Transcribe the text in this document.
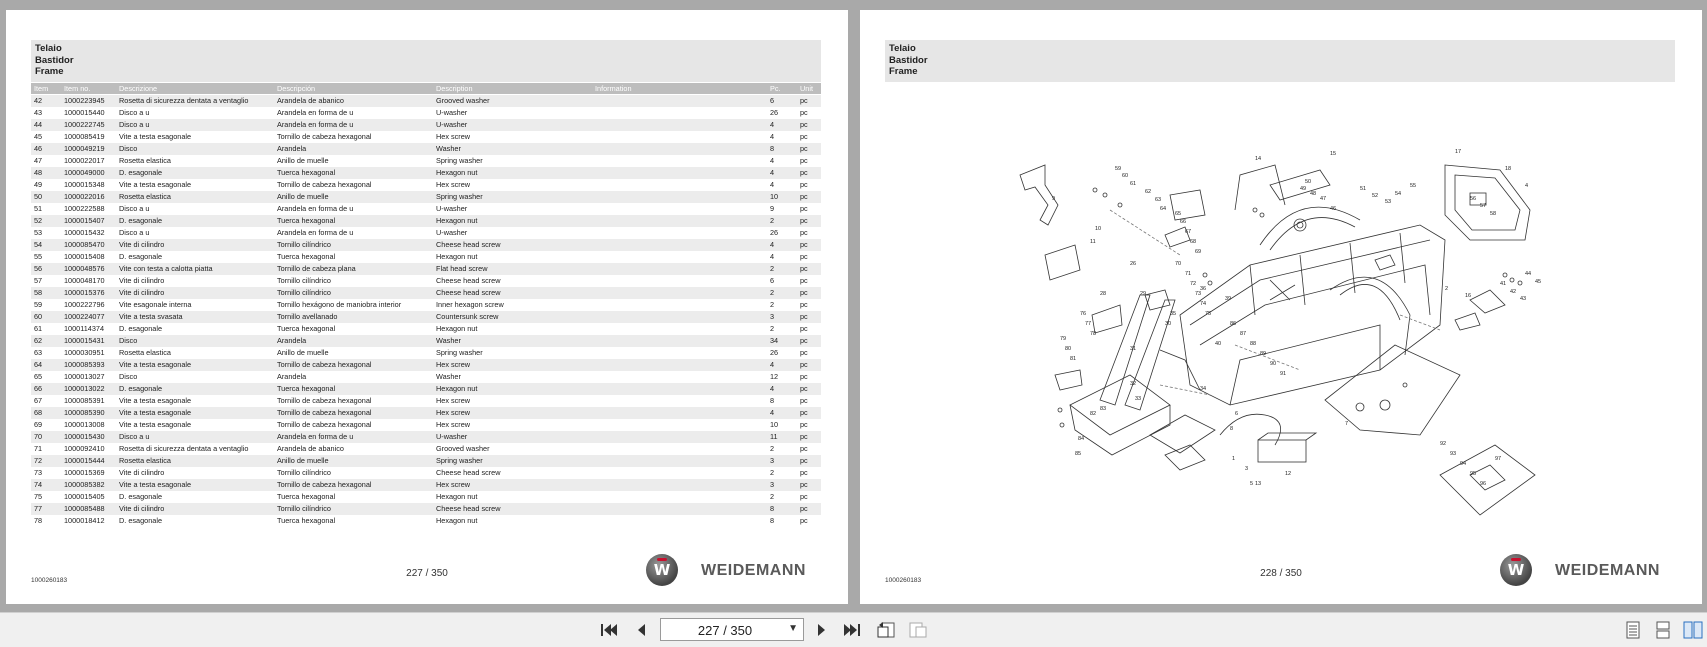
Telaio
Bastidor
Frame
Item Item no.	Descrizione	Descripción	Description	Information	Pc.	Unit
42	1000223945 Rosetta di sicurezza dentata a ventaglio	Arandela de abanico	Grooved washer	6	pc
43	1000015440 Disco a u	Arandela en forma de u	U-washer	26	pc
44	1000222745 Disco a u	Arandela en forma de u	U-washer	4	pc
45	1000085419 Vite a testa esagonale	Tornillo de cabeza hexagonal	Hex screw	4	pc
46	1000049219 Disco	Arandela	Washer	8	pc
47	1000022017 Rosetta elastica	Anillo de muelle	Spring washer	4	pc
48	1000049000 D. esagonale	Tuerca hexagonal	Hexagon nut	4	pc
49	1000015348 Vite a testa esagonale	Tornillo de cabeza hexagonal	Hex screw	4	pc
50	1000022016 Rosetta elastica	Anillo de muelle	Spring washer	10	pc
51	1000222588 Disco a u	Arandela en forma de u	U-washer	9	pc
52	1000015407 D. esagonale	Tuerca hexagonal	Hexagon nut	2	pc
53	1000015432 Disco a u	Arandela en forma de u	U-washer	26	pc
54	1000085470 Vite di cilindro	Tornillo cilíndrico	Cheese head screw	4	pc
55	1000015408 D. esagonale	Tuerca hexagonal	Hexagon nut	4	pc
56	1000048576 Vite con testa a calotta piatta	Tornillo de cabeza plana	Flat head screw	2	pc
57	1000048170 Vite di cilindro	Tornillo cilíndrico	Cheese head screw	6	pc
58	1000015376 Vite di cilindro	Tornillo cilíndrico	Cheese head screw	2	pc
59	1000222796 Vite esagonale interna	Tornillo hexágono de maniobra interior	Inner hexagon screw	2	pc
60	1000224077 Vite a testa svasata	Tornillo avellanado	Countersunk screw	3	pc
61	1000114374 D. esagonale	Tuerca hexagonal	Hexagon nut	2	pc
62	1000015431 Disco	Arandela	Washer	34	pc
63	1000030951 Rosetta elastica	Anillo de muelle	Spring washer	26	pc
64	1000085393 Vite a testa esagonale	Tornillo de cabeza hexagonal	Hex screw	4	pc
65	1000013027 Disco	Arandela	Washer	12	pc
66	1000013022 D. esagonale	Tuerca hexagonal	Hexagon nut	4	pc
67	1000085391 Vite a testa esagonale	Tornillo de cabeza hexagonal	Hex screw	8	pc
68	1000085390 Vite a testa esagonale	Tornillo de cabeza hexagonal	Hex screw	4	pc
69	1000013008 Vite a testa esagonale	Tornillo de cabeza hexagonal	Hex screw	10	pc
70	1000015430 Disco a u	Arandela en forma de u	U-washer	11	pc
71	1000092410 Rosetta di sicurezza dentata a ventaglio	Arandela de abanico	Grooved washer	2	pc
72	1000015444 Rosetta elastica	Anillo de muelle	Spring washer	3	pc
73	1000015369 Vite di cilindro	Tornillo cilíndrico	Cheese head screw	2	pc
74	1000085382 Vite a testa esagonale	Tornillo de cabeza hexagonal	Hex screw	3	pc
75	1000015405 D. esagonale	Tuerca hexagonal	Hexagon nut	2	pc
77	1000085488 Vite di cilindro	Tornillo cilíndrico	Cheese head screw	8	pc
78	1000018412 D. esagonale	Tuerca hexagonal	Hexagon nut	8	pc
1000260183
227 / 350	W WEIDEMANN
Telaio
Bastidor
Frame
15
14
17
18
4
2
7
1
3
6
5
8
10
11
16
13
12
9
26
28	29
30
31
32
33
34
35
36
39
40
41
42
43
44
45
46
47
48
49
50
51
52
53
54
55
56
57
58
59
60
61
62
63
64
65
66
67
68
69
70
71
72
73
74
75
76
77
78
79
80
81
82
83
84
85
86
87
88
89
90
91
92
93
94
95
96
97
1000260183
228 / 350	W WEIDEMANN
227 / 350
▼
